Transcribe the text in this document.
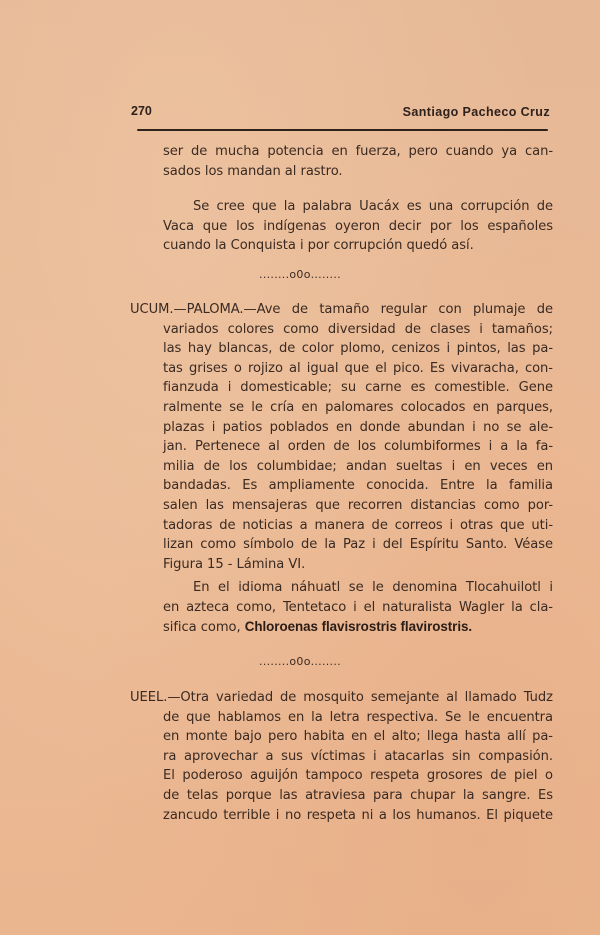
270	Santiago Pacheco Cruz
ser de mucha potencia en fuerza, pero cuando ya can-
sados los mandan al rastro.
Se cree que la palabra Uacáx es una corrupción de
Vaca que los indígenas oyeron decir por los españoles
cuando la Conquista i por corrupción quedó así.
........o0o........
UCUM.—PALOMA.—Ave de tamaño regular con plumaje de
variados colores como diversidad de clases i tamaños;
las hay blancas, de color plomo, cenizos i pintos, las pa-
tas grises o rojizo al igual que el pico. Es vivaracha, con-
fianzuda i domesticable; su carne es comestible. Gene
ralmente se le cría en palomares colocados en parques,
plazas i patios poblados en donde abundan i no se ale-
jan. Pertenece al orden de los columbiformes i a la fa-
milia de los columbidae; andan sueltas i en veces en
bandadas. Es ampliamente conocida. Entre la familia
salen las mensajeras que recorren distancias como por-
tadoras de noticias a manera de correos i otras que uti-
lizan como símbolo de la Paz i del Espíritu Santo. Véase
Figura 15 - Lámina VI.
En el idioma náhuatl se le denomina Tlocahuilotl i
en azteca como, Tentetaco i el naturalista Wagler la cla-
sifica como, Chloroenas flavisrostris flavirostris.
........o0o........
UEEL.—Otra variedad de mosquito semejante al llamado Tudz
de que hablamos en la letra respectiva. Se le encuentra
en monte bajo pero habita en el alto; llega hasta allí pa-
ra aprovechar a sus víctimas i atacarlas sin compasión.
El poderoso aguijón tampoco respeta grosores de piel o
de telas porque las atraviesa para chupar la sangre. Es
zancudo terrible i no respeta ni a los humanos. El piquete
